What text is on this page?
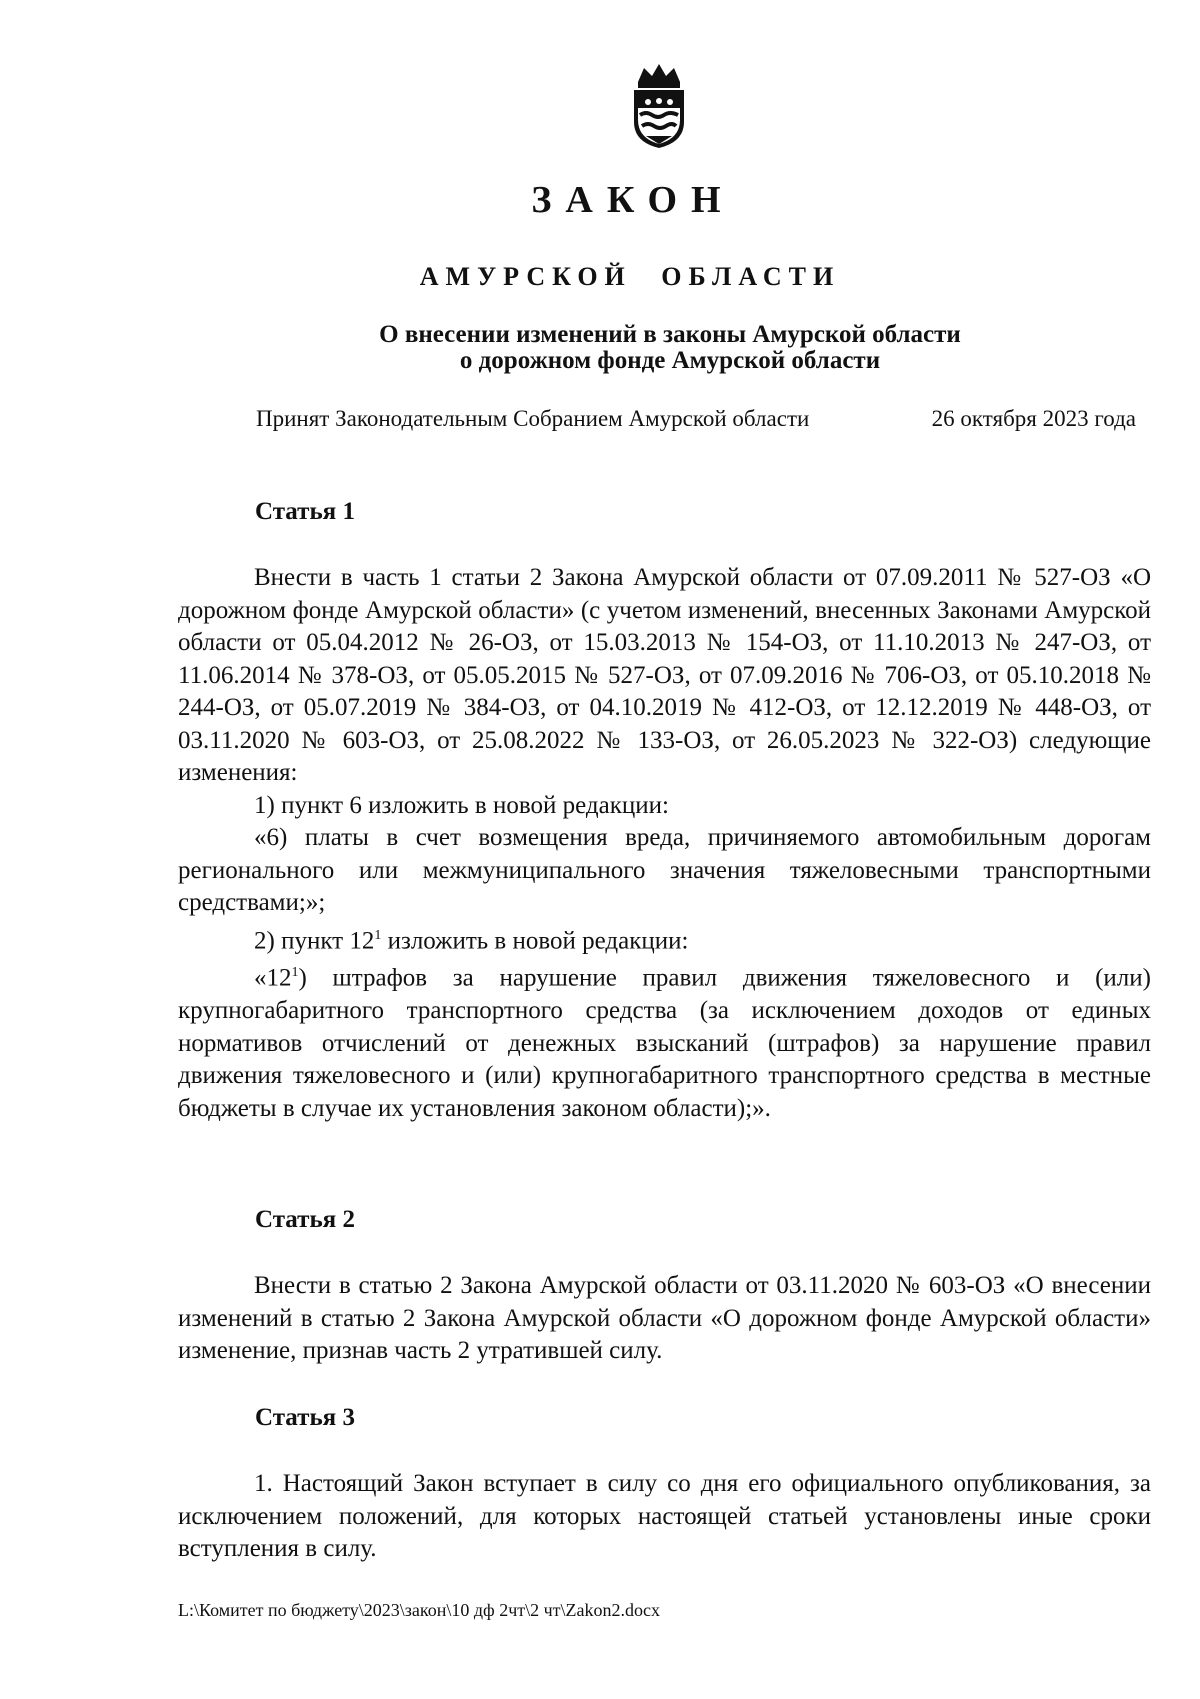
ЗАКОН
АМУРСКОЙ ОБЛАСТИ
О внесении изменений в законы Амурской области
о дорожном фонде Амурской области
Принят Законодательным Собранием Амурской области	26 октября 2023 года
Статья 1

Внести в часть 1 статьи 2 Закона Амурской области от 07.09.2011 № 527-ОЗ «О дорожном фонде Амурской области» (с учетом изменений, внесенных Законами Амурской области от 05.04.2012 № 26-ОЗ, от 15.03.2013 № 154-ОЗ, от 11.10.2013 № 247-ОЗ, от 11.06.2014 № 378-ОЗ, от 05.05.2015 № 527-ОЗ, от 07.09.2016 № 706-ОЗ, от 05.10.2018 № 244-ОЗ, от 05.07.2019 № 384-ОЗ, от 04.10.2019 № 412-ОЗ, от 12.12.2019 № 448-ОЗ, от 03.11.2020 № 603-ОЗ, от 25.08.2022 № 133-ОЗ, от 26.05.2023 № 322-ОЗ) следующие изменения:

1) пункт 6 изложить в новой редакции:

«6) платы в счет возмещения вреда, причиняемого автомобильным дорогам регионального или межмуниципального значения тяжеловесными транспортными средствами;»;

2) пункт $12^1$ изложить в новой редакции:

«$12^1$) штрафов за нарушение правил движения тяжеловесного и (или) крупногабаритного транспортного средства (за исключением доходов от единых нормативов отчислений от денежных взысканий (штрафов) за нарушение правил движения тяжеловесного и (или) крупногабаритного транспортного средства в местные бюджеты в случае их установления законом области);».

Статья 2

Внести в статью 2 Закона Амурской области от 03.11.2020 № 603-ОЗ «О внесении изменений в статью 2 Закона Амурской области «О дорожном фонде Амурской области» изменение, признав часть 2 утратившей силу.

Статья 3

1. Настоящий Закон вступает в силу со дня его официального опубликования, за исключением положений, для которых настоящей статьей установлены иные сроки вступления в силу.

L:\Комитет по бюджету\2023\закон\10 дф 2чт\2 чт\Zakon2.docx
